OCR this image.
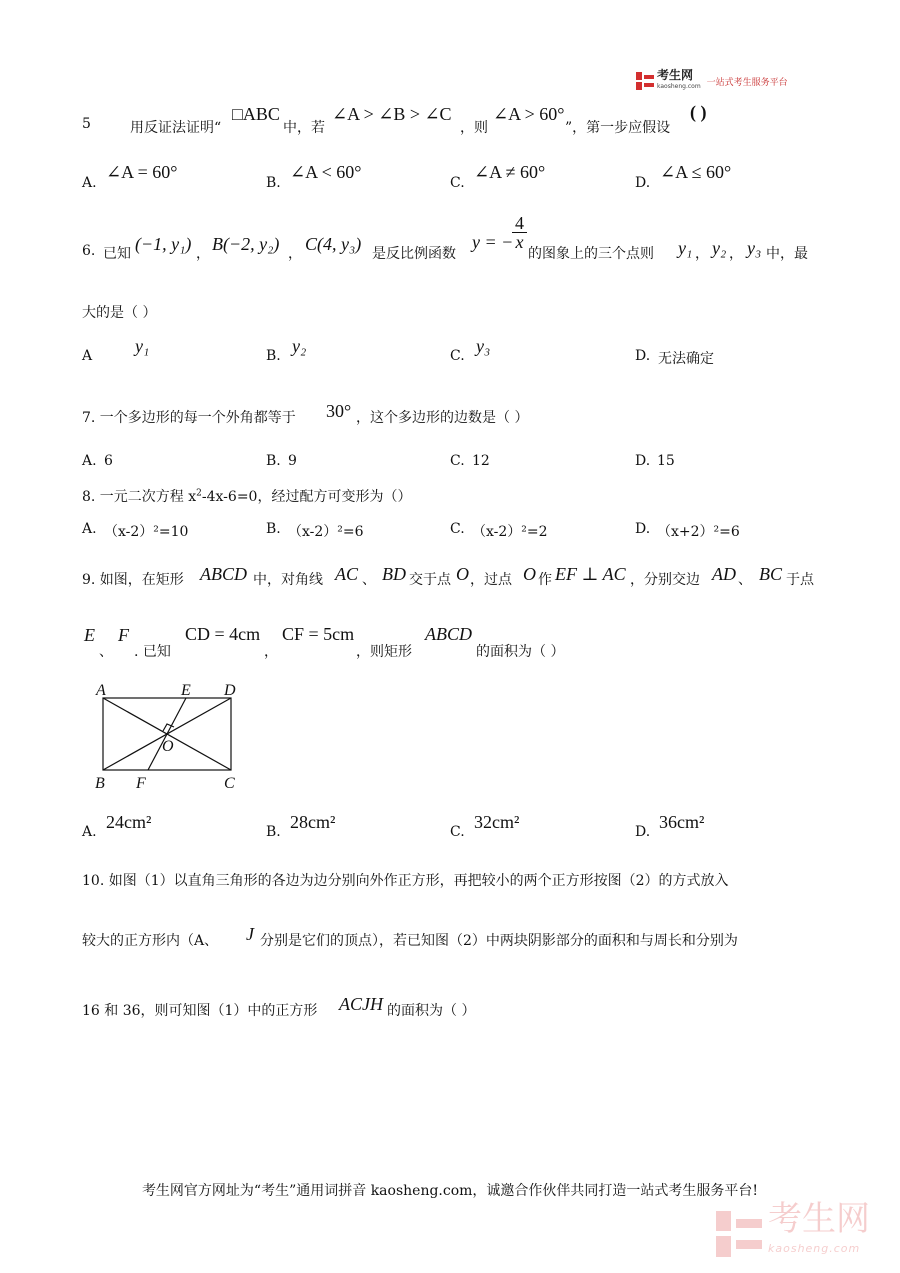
考生网
kaosheng.com 一站式考生服务平台
5	用反证法证明“
□ABC
中，若
∠A > ∠B > ∠C
，则
∠A > 60°
”，第一步应假设
( )
A.
∠A = 60°
B.
∠A < 60°
C.
∠A ≠ 60°
D.
∠A ≤ 60°
6. 已知 (−1, y₁) ， B(−2, y₂) ， C(4, y₃) 是反比例函数
y = −
$\frac{4}{x}$
的图象上的三个点则 y₁ ， y₂ ， y₃ 中，最
大的是（ ）
A y₁	B. y₂	C. y₃	D. 无法确定
7. 一个多边形的每一个外角都等于 30° ，这个多边形的边数是（ ）
A. 6	B. 9	C. 12	D. 15
8. 一元二次方程 $x^2-4x-6=0$，经过配方可变形为（）
A. （x-2）²=10	B. （x-2）²=6	C. （x-2）²=2	D. （x+2）²=6
9. 如图，在矩形 ABCD 中，对角线 AC 、 BD 交于点 O ，过点 O 作 EF ⊥ AC ，分别交边 AD 、 BC 于点
E
、
F
. 已知
CD = 4cm
，
CF = 5cm
，则矩形
ABCD
的面积为（ ）
A	E D
O
B F	C
A. 24cm²	B. 28cm²	C. 32cm²	D. 36cm²
10. 如图（1）以直角三角形的各边为边分别向外作正方形，再把较小的两个正方形按图（2）的方式放入
较大的正方形内（A、 J 分别是它们的顶点），若已知图（2）中两块阴影部分的面积和与周长和分别为
16 和 36，则可知图（1）中的正方形 ACJH 的面积为（ ）
考生网官方网址为“考生”通用词拼音 kaosheng.com，诚邀合作伙伴共同打造一站式考生服务平台!
考生网
kaosheng.com
